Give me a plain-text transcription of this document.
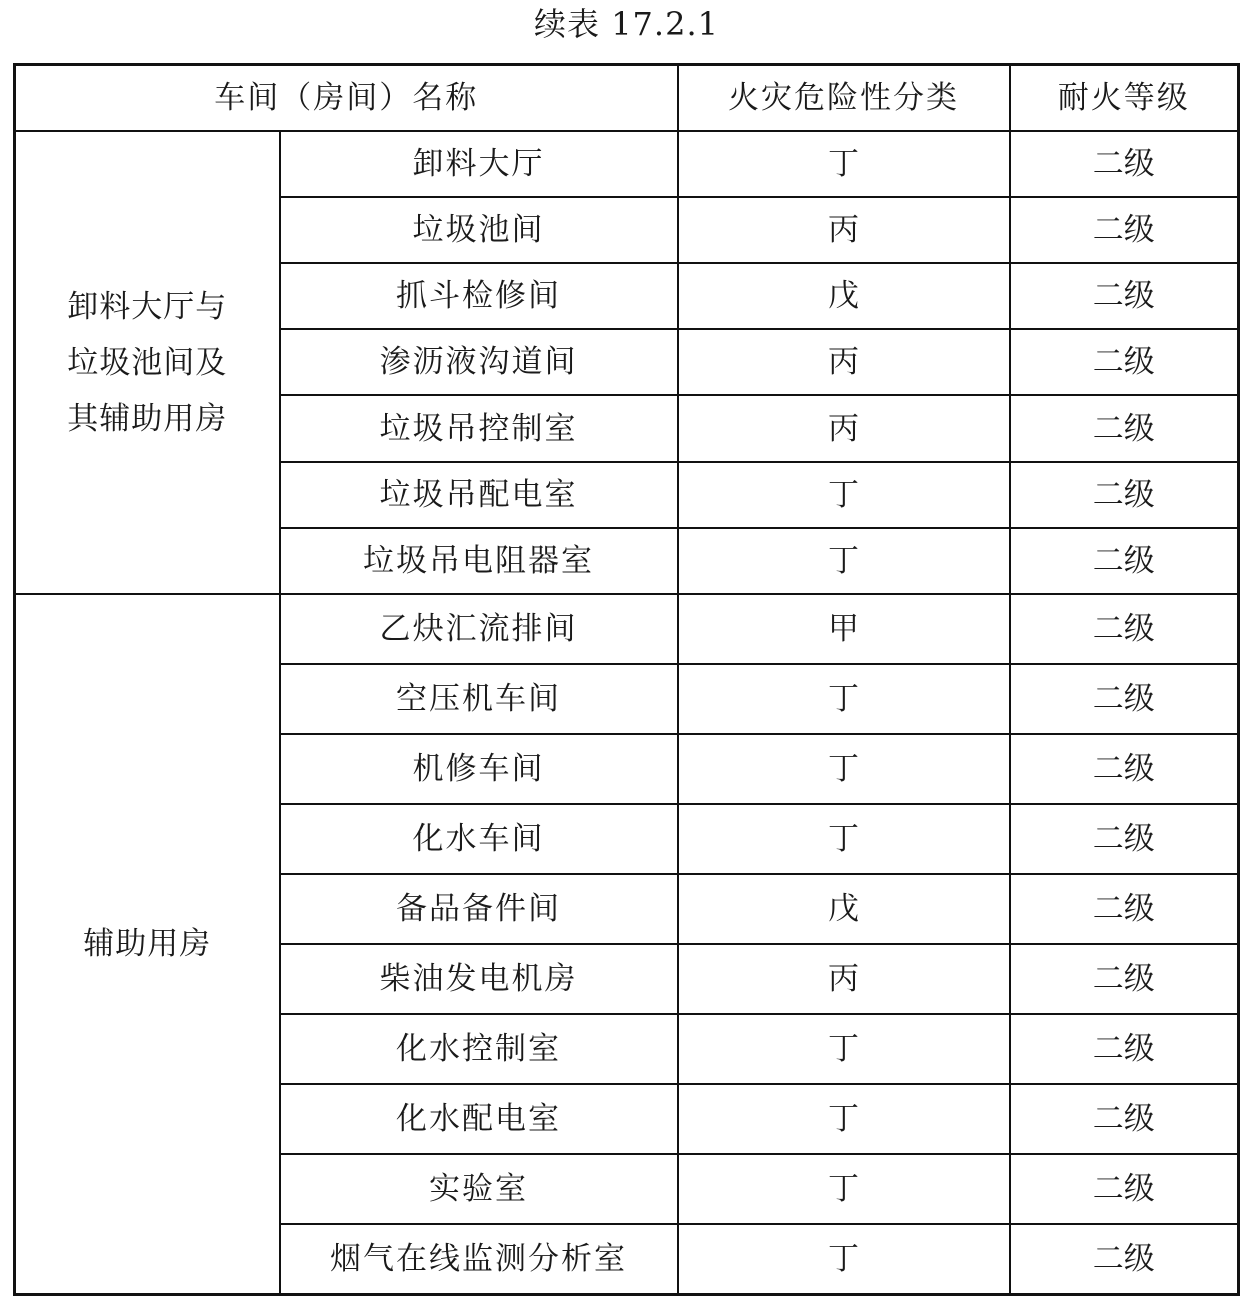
续表 17.2.1
车间（房间）名称		火灾危险性分类	耐火等级

卸料大厅与
垃圾池间及
其辅助用房	卸料大厅	丁	二级
	垃圾池间	丙	二级
	抓斗检修间	戊	二级
	渗沥液沟道间	丙	二级
	垃圾吊控制室	丙	二级
	垃圾吊配电室	丁	二级
	垃圾吊电阻器室	丁	二级

辅助用房	乙炔汇流排间	甲	二级
	空压机车间	丁	二级
	机修车间	丁	二级
	化水车间	丁	二级
	备品备件间	戊	二级
	柴油发电机房	丙	二级
	化水控制室	丁	二级
	化水配电室	丁	二级
	实验室	丁	二级
	烟气在线监测分析室	丁	二级
